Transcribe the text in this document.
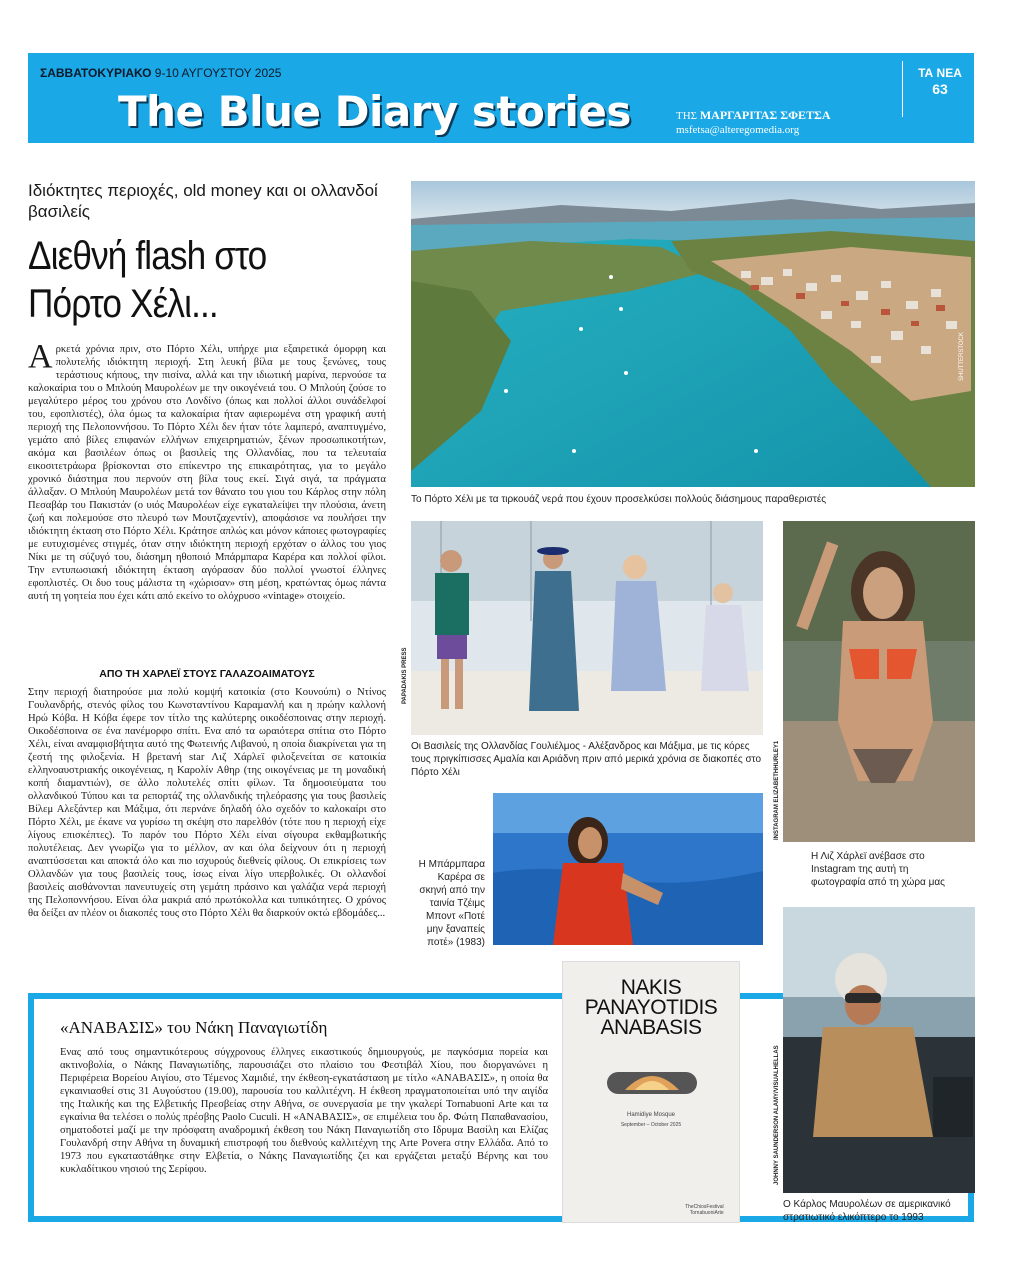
ΣΑΒΒΑΤΟΚΥΡΙΑΚΟ 9-10 ΑΥΓΟΥΣΤΟΥ 2025
The Blue Diary stories	ΤΗΣ ΜΑΡΓΑΡΙΤΑΣ ΣΦΕΤΣΑ
msfetsa@alteregomedia.org
ΤΑ ΝΕΑ
63
Ιδιόκτητες περιοχές, old money και οι ολλανδοί βασιλείς
Διεθνή flash στο Πόρτο Χέλι...
Αρκετά χρόνια πριν, στο Πόρτο Χέλι, υπήρχε μια εξαιρετικά όμορφη και πολυτελής ιδιόκτητη περιοχή. Στη λευκή βίλα με τους ξενώνες, τους τεράστιους κήπους, την πισίνα, αλλά και την ιδιωτική μαρίνα, περνούσε τα καλοκαίρια του ο Μπλούη Μαυρολέων με την οικογένειά του. Ο Μπλούη ζούσε το μεγαλύτερο μέρος του χρόνου στο Λονδίνο (όπως και πολλοί άλλοι συνάδελφοί του, εφοπλιστές), όλα όμως τα καλοκαίρια ήταν αφιερωμένα στη γραφική αυτή περιοχή της Πελοποννήσου. Το Πόρτο Χέλι δεν ήταν τότε λαμπερό, αναπτυγμένο, γεμάτο από βίλες επιφανών ελλήνων επιχειρηματιών, ξένων προσωπικοτήτων, ακόμα και βασιλέων όπως οι βασιλείς της Ολλανδίας, που τα τελευταία εικοσιτετράωρα βρίσκονται στο επίκεντρο της επικαιρότητας, για το μεγάλο χρονικό διάστημα που περνούν στη βίλα τους εκεί. Σιγά σιγά, τα πράγματα άλλαξαν. Ο Μπλούη Μαυρολέων μετά τον θάνατο του γιου του Κάρλος στην πόλη Πεσαβάρ του Πακιστάν (ο υιός Μαυρολέων είχε εγκαταλείψει την πλούσια, άνετη ζωή και πολεμούσε στο πλευρό των Μουτζαχεντίν), αποφάσισε να πουλήσει την ιδιόκτητη έκταση στο Πόρτο Χέλι. Κράτησε απλώς και μόνον κάποιες φωτογραφίες με ευτυχισμένες στιγμές, όταν στην ιδιόκτητη περιοχή ερχόταν ο άλλος του γιος Νίκι με τη σύζυγό του, διάσημη ηθοποιό Μπάρμπαρα Καρέρα και πολλοί φίλοι. Την εντυπωσιακή ιδιόκτητη έκταση αγόρασαν δύο πολλοί γνωστοί έλληνες εφοπλιστές. Οι δυο τους μάλιστα τη «χώρισαν» στη μέση, κρατώντας όμως πάντα αυτή τη γοητεία που έχει κάτι από εκείνο το ολόχρυσο «vintage» στοιχείο.
ΑΠΟ ΤΗ ΧΑΡΛΕΪ ΣΤΟΥΣ ΓΑΛΑΖΟΑΙΜΑΤΟΥΣ
Στην περιοχή διατηρούσε μια πολύ κομψή κατοικία (στο Κουνούπι) ο Ντίνος Γουλανδρής, στενός φίλος του Κωνσταντίνου Καραμανλή και η πρώην καλλονή Ηρώ Κόβα. Η Κόβα έφερε τον τίτλο της καλύτερης οικοδέσποινας στην περιοχή. Οικοδέσποινα σε ένα πανέμορφο σπίτι. Ενα από τα ωραιότερα σπίτια στο Πόρτο Χέλι, είναι αναμφισβήτητα αυτό της Φωτεινής Λιβανού, η οποία διακρίνεται για τη ζεστή της φιλοξενία. Η βρετανή star Λιζ Χάρλεϊ φιλοξενείται σε κατοικία ελληνοαυστριακής οικογένειας, η Καρολίν Αθηρ (της οικογένειας με τη μοναδική κοπή διαμαντιών), σε άλλο πολυτελές σπίτι φίλων. Τα δημοσιεύματα του ολλανδικού Τύπου και τα ρεπορτάζ της ολλανδικής τηλεόρασης για τους βασιλείς Βίλεμ Αλεξάντερ και Μάξιμα, ότι περνάνε δηλαδή όλο σχεδόν το καλοκαίρι στο Πόρτο Χέλι, με έκανε να γυρίσω τη σκέψη στο παρελθόν (τότε που η περιοχή είχε λίγους επισκέπτες). Το παρόν του Πόρτο Χέλι είναι σίγουρα εκθαμβωτικής πολυτέλειας. Δεν γνωρίζω για το μέλλον, αν και όλα δείχνουν ότι η περιοχή αναπτύσσεται και αποκτά όλο και πιο ισχυρούς διεθνείς φίλους. Οι επικρίσεις των Ολλανδών για τους βασιλείς τους, ίσως είναι λίγο υπερβολικές. Οι ολλανδοί βασιλείς αισθάνονται πανευτυχείς στη γεμάτη πράσινο και γαλάζια νερά περιοχή της Πελοποννήσου. Είναι όλα μακριά από πρωτόκολλα και τυπικότητες. Ο χρόνος θα δείξει αν πλέον οι διακοπές τους στο Πόρτο Χέλι θα διαρκούν οκτώ εβδομάδες...
SHUTTERSTOCK
Το Πόρτο Χέλι με τα τιρκουάζ νερά που έχουν προσελκύσει πολλούς διάσημους παραθεριστές
PAPADAKIS PRESS
Οι Βασιλείς της Ολλανδίας Γουλιέλμος - Αλέξανδρος και Μάξιμα, με τις κόρες τους πριγκίπισσες Αμαλία και Αριάδνη πριν από μερικά χρόνια σε διακοπές στο Πόρτο Χέλι
INSTAGRAM ELIZABETHHURLEY1
Η Λιζ Χάρλεϊ ανέβασε στο Instagram της αυτή τη φωτογραφία από τη χώρα μας
Η Μπάρμπαρα Καρέρα σε σκηνή από την ταινία Τζέιμς Μποντ «Ποτέ μην ξαναπείς ποτέ» (1983)
«ΑΝΑΒΑΣΙΣ» του Νάκη Παναγιωτίδη
Ενας από τους σημαντικότερους σύγχρονους έλληνες εικαστικούς δημιουργούς, με παγκόσμια πορεία και ακτινοβολία, ο Νάκης Παναγιωτίδης, παρουσιάζει στο πλαίσιο του Φεστιβάλ Χίου, που διοργανώνει η Περιφέρεια Βορείου Αιγίου, στο Τέμενος Χαμιδιέ, την έκθεση-εγκατάσταση με τίτλο «ΑΝΑΒΑΣΙΣ», η οποία θα εγκαινιασθεί στις 31 Αυγούστου (19.00), παρουσία του καλλιτέχνη. Η έκθεση πραγματοποιείται υπό την αιγίδα της Ιταλικής και της Ελβετικής Πρεσβείας στην Αθήνα, σε συνεργασία με την γκαλερί Tornabuoni Arte και τα εγκαίνια θα τελέσει ο πολύς πρέσβης Paolo Cuculi. Η «ΑΝΑΒΑΣΙΣ», σε επιμέλεια του δρ. Φώτη Παπαθανασίου, σηματοδοτεί μαζί με την πρόσφατη αναδρομική έκθεση του Νάκη Παναγιωτίδη στο Ιδρυμα Βασίλη και Ελίζας Γουλανδρή στην Αθήνα τη δυναμική επιστροφή του διεθνούς καλλιτέχνη της Arte Povera στην Ελλάδα. Από το 1973 που εγκαταστάθηκε στην Ελβετία, ο Νάκης Παναγιωτίδης ζει και εργάζεται μεταξύ Βέρνης και του κυκλαδίτικου νησιού της Σερίφου.
NAKIS
PANAYOTIDIS
ANABASIS
Hamidiye Mosque
September – October 2025
TheChiosFestival
TornabuoniArte
JOHNNY SAUNDERSON ALAMY/VISUALHELLAS
Ο Κάρλος Μαυρολέων σε αμερικανικό στρατιωτικό ελικόπτερο το 1993
